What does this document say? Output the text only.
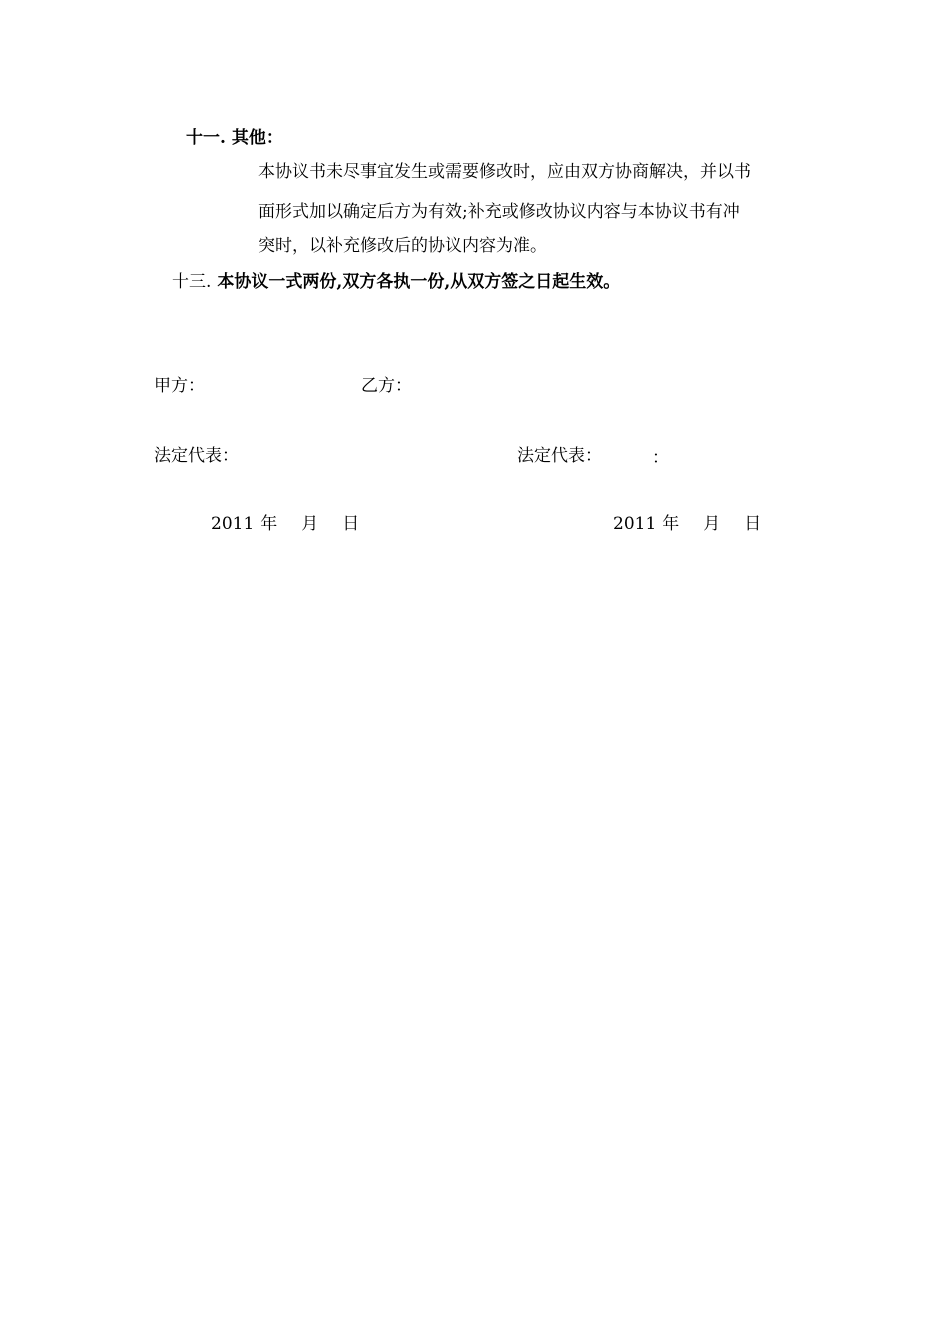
十一. 其他：
本协议书未尽事宜发生或需要修改时，应由双方协商解决，并以书
面形式加以确定后方为有效;补充或修改协议内容与本协议书有冲
突时，以补充修改后的协议内容为准。
十三. 本协议一式两份,双方各执一份,从双方签之日起生效。
甲方：	乙方：
法定代表：	法定代表：	：
2011 年 月 日	2011 年 月 日
